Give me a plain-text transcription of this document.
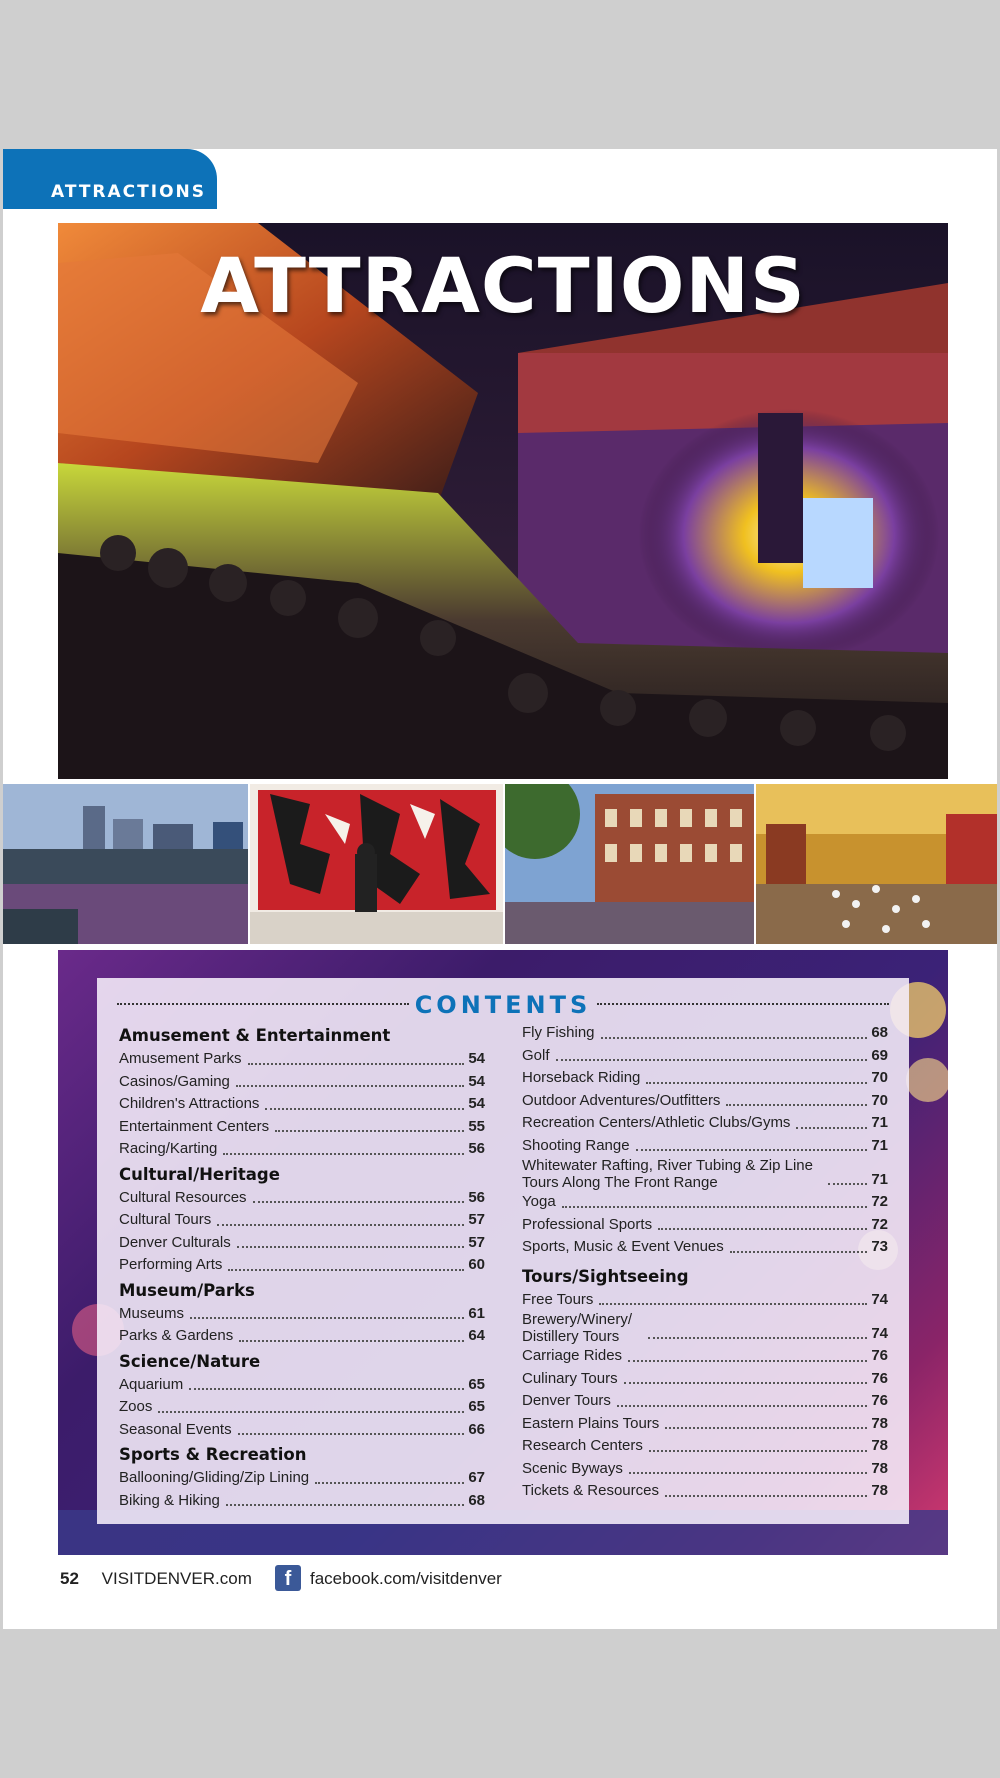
ATTRACTIONS
ATTRACTIONS
CONTENTS
Amusement & Entertainment
Amusement Parks	54
Casinos/Gaming	54
Children's Attractions	54
Entertainment Centers	55
Racing/Karting	56
Cultural/Heritage
Cultural Resources	56
Cultural Tours	57
Denver Culturals	57
Performing Arts	60
Museum/Parks
Museums	61
Parks & Gardens	64
Science/Nature
Aquarium	65
Zoos	65
Seasonal Events	66
Sports & Recreation
Ballooning/Gliding/Zip Lining	67
Biking & Hiking	68
Fly Fishing	68
Golf	69
Horseback Riding	70
Outdoor Adventures/Outfitters	70
Recreation Centers/Athletic Clubs/Gyms	71
Shooting Range	71
Whitewater Rafting, River Tubing & Zip Line Tours Along The Front Range	71
Yoga	72
Professional Sports	72
Sports, Music & Event Venues	73
Tours/Sightseeing
Free Tours	74
Brewery/Winery/ Distillery Tours	74
Carriage Rides	76
Culinary Tours	76
Denver Tours	76
Eastern Plains Tours	78
Research Centers	78
Scenic Byways	78
Tickets & Resources	78
52 VISITDENVER.com	f	facebook.com/visitdenver
